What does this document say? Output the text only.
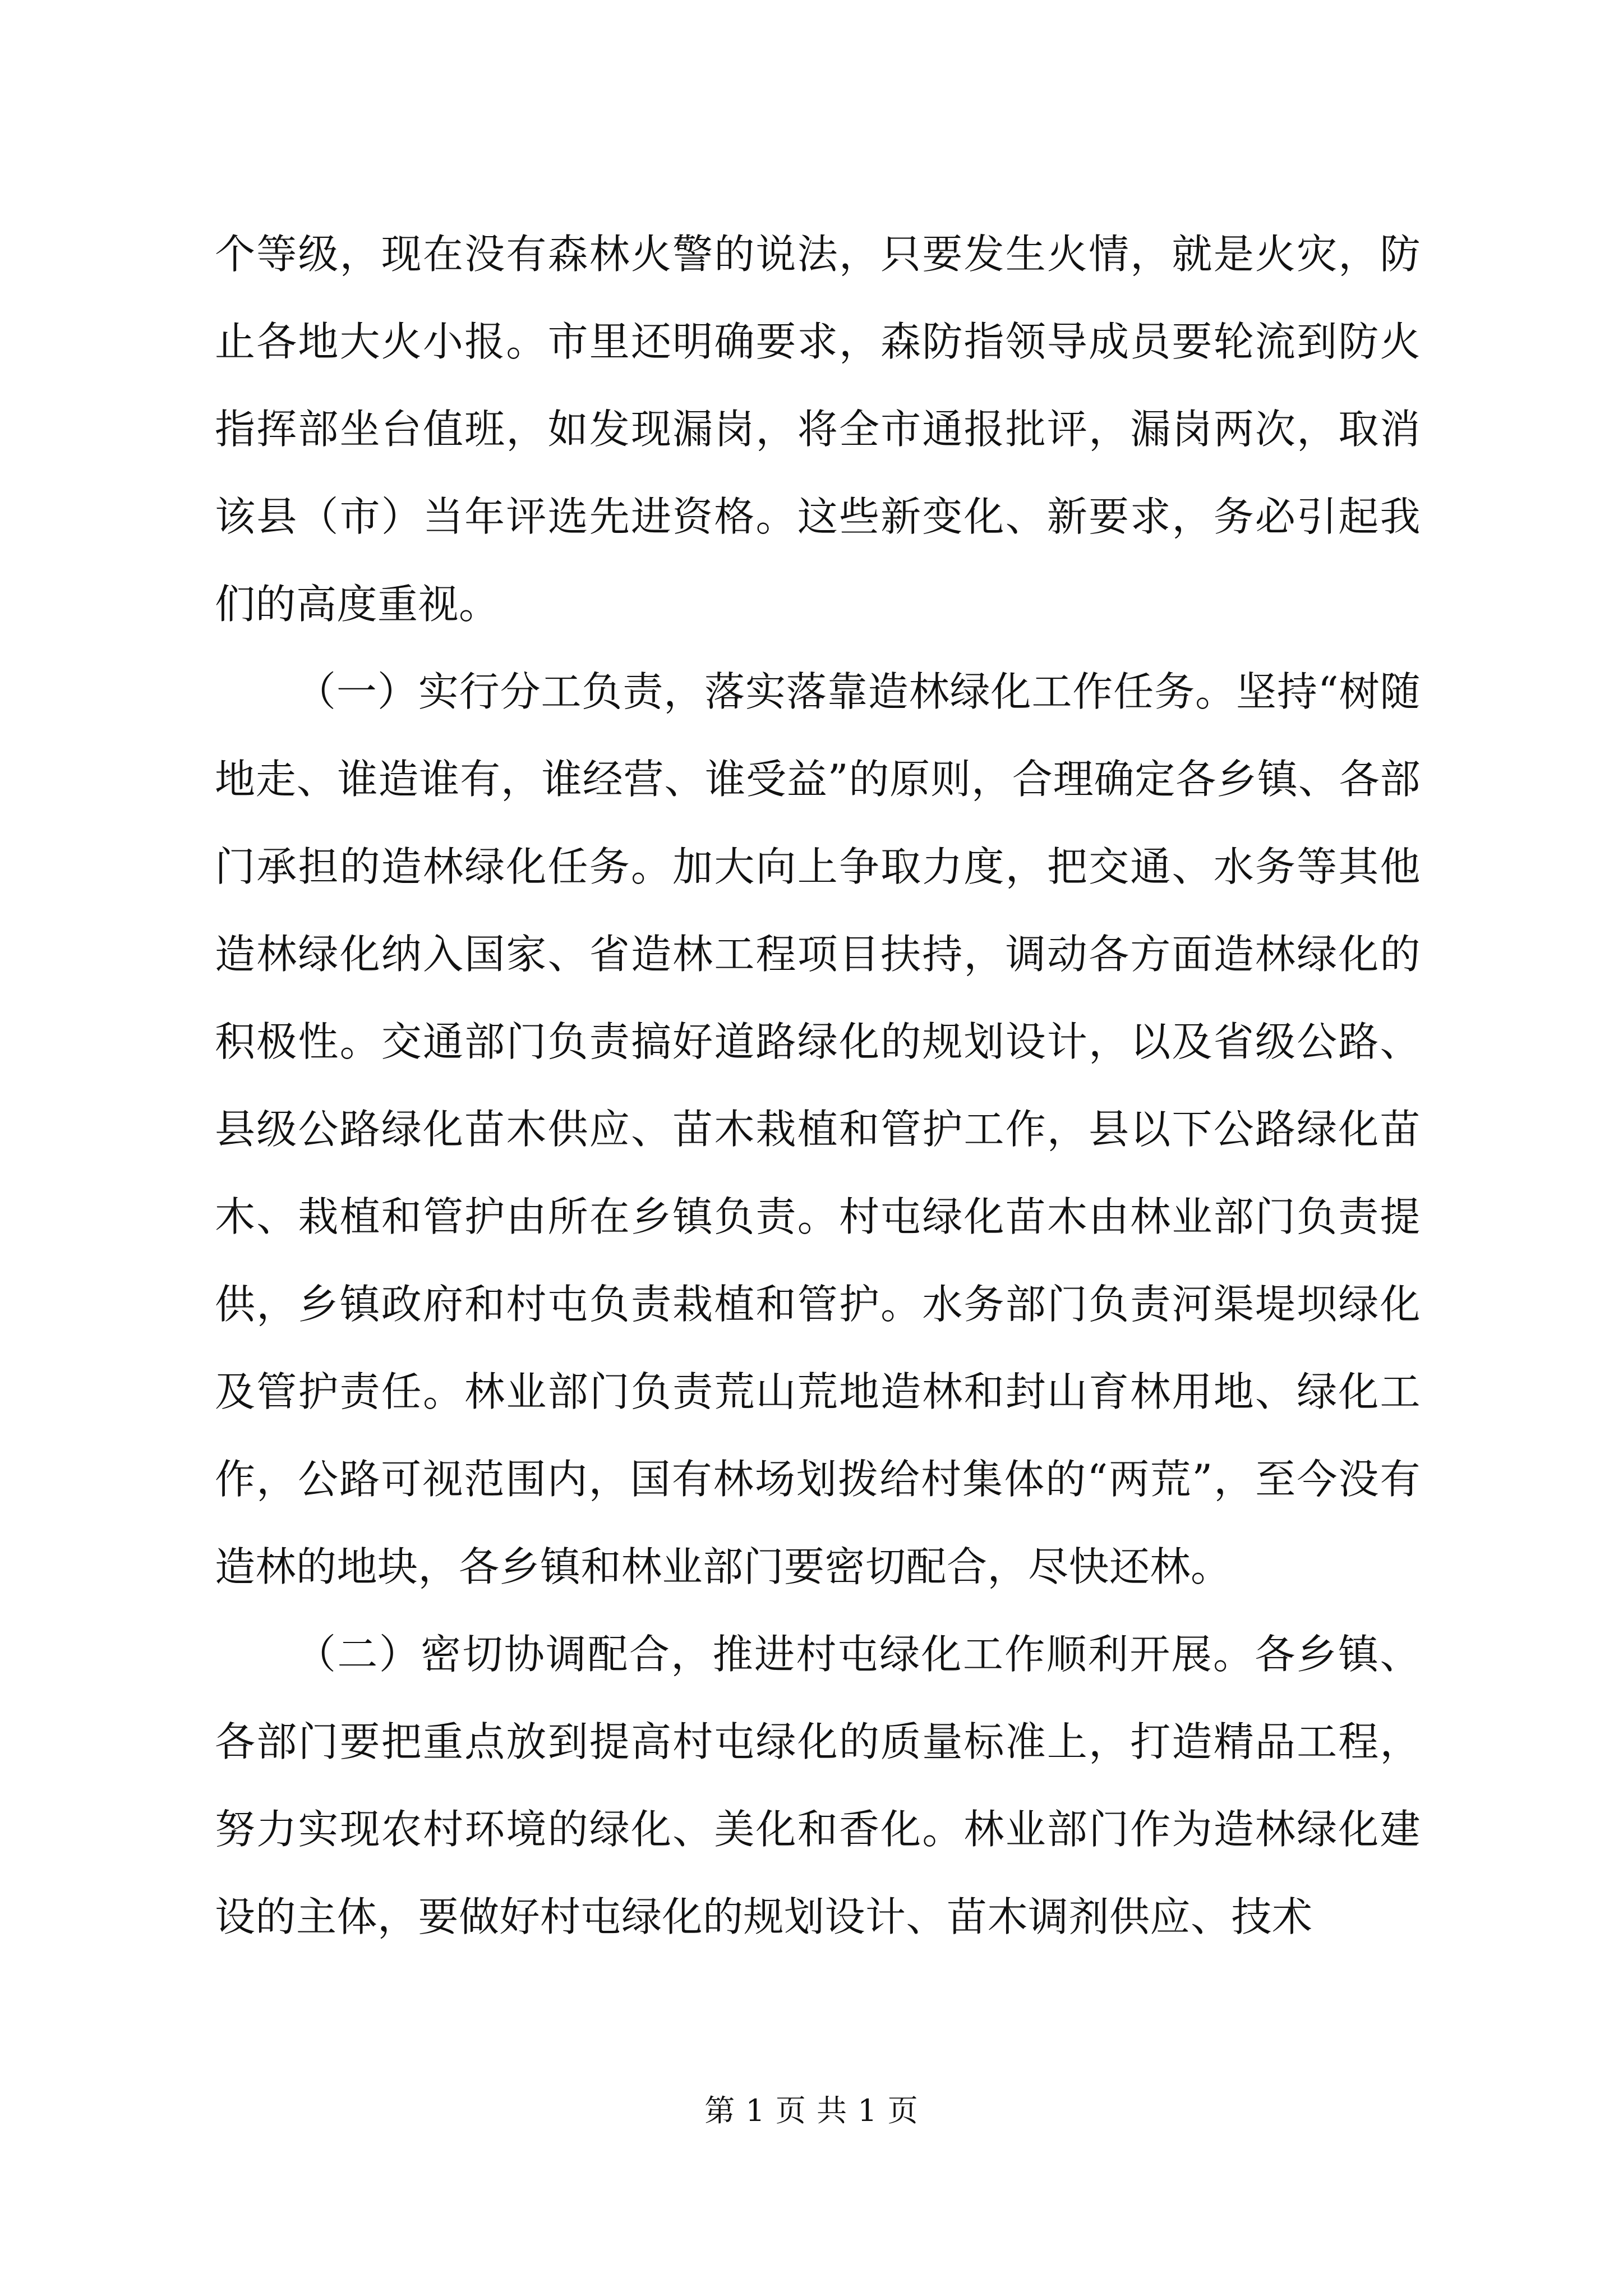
个等级，现在没有森林火警的说法，只要发生火情，就是火灾，防止各地大火小报。市里还明确要求，森防指领导成员要轮流到防火指挥部坐台值班，如发现漏岗，将全市通报批评，漏岗两次，取消该县（市）当年评选先进资格。这些新变化、新要求，务必引起我们的高度重视。

（一）实行分工负责，落实落靠造林绿化工作任务。坚持“树随地走、谁造谁有，谁经营、谁受益”的原则，合理确定各乡镇、各部门承担的造林绿化任务。加大向上争取力度，把交通、水务等其他造林绿化纳入国家、省造林工程项目扶持，调动各方面造林绿化的积极性。交通部门负责搞好道路绿化的规划设计，以及省级公路、县级公路绿化苗木供应、苗木栽植和管护工作，县以下公路绿化苗木、栽植和管护由所在乡镇负责。村屯绿化苗木由林业部门负责提供，乡镇政府和村屯负责栽植和管护。水务部门负责河渠堤坝绿化及管护责任。林业部门负责荒山荒地造林和封山育林用地、绿化工作，公路可视范围内，国有林场划拨给村集体的“两荒”，至今没有造林的地块，各乡镇和林业部门要密切配合，尽快还林。

（二）密切协调配合，推进村屯绿化工作顺利开展。各乡镇、各部门要把重点放到提高村屯绿化的质量标准上，打造精品工程，努力实现农村环境的绿化、美化和香化。林业部门作为造林绿化建设的主体，要做好村屯绿化的规划设计、苗木调剂供应、技术

第 1 页 共 1 页
